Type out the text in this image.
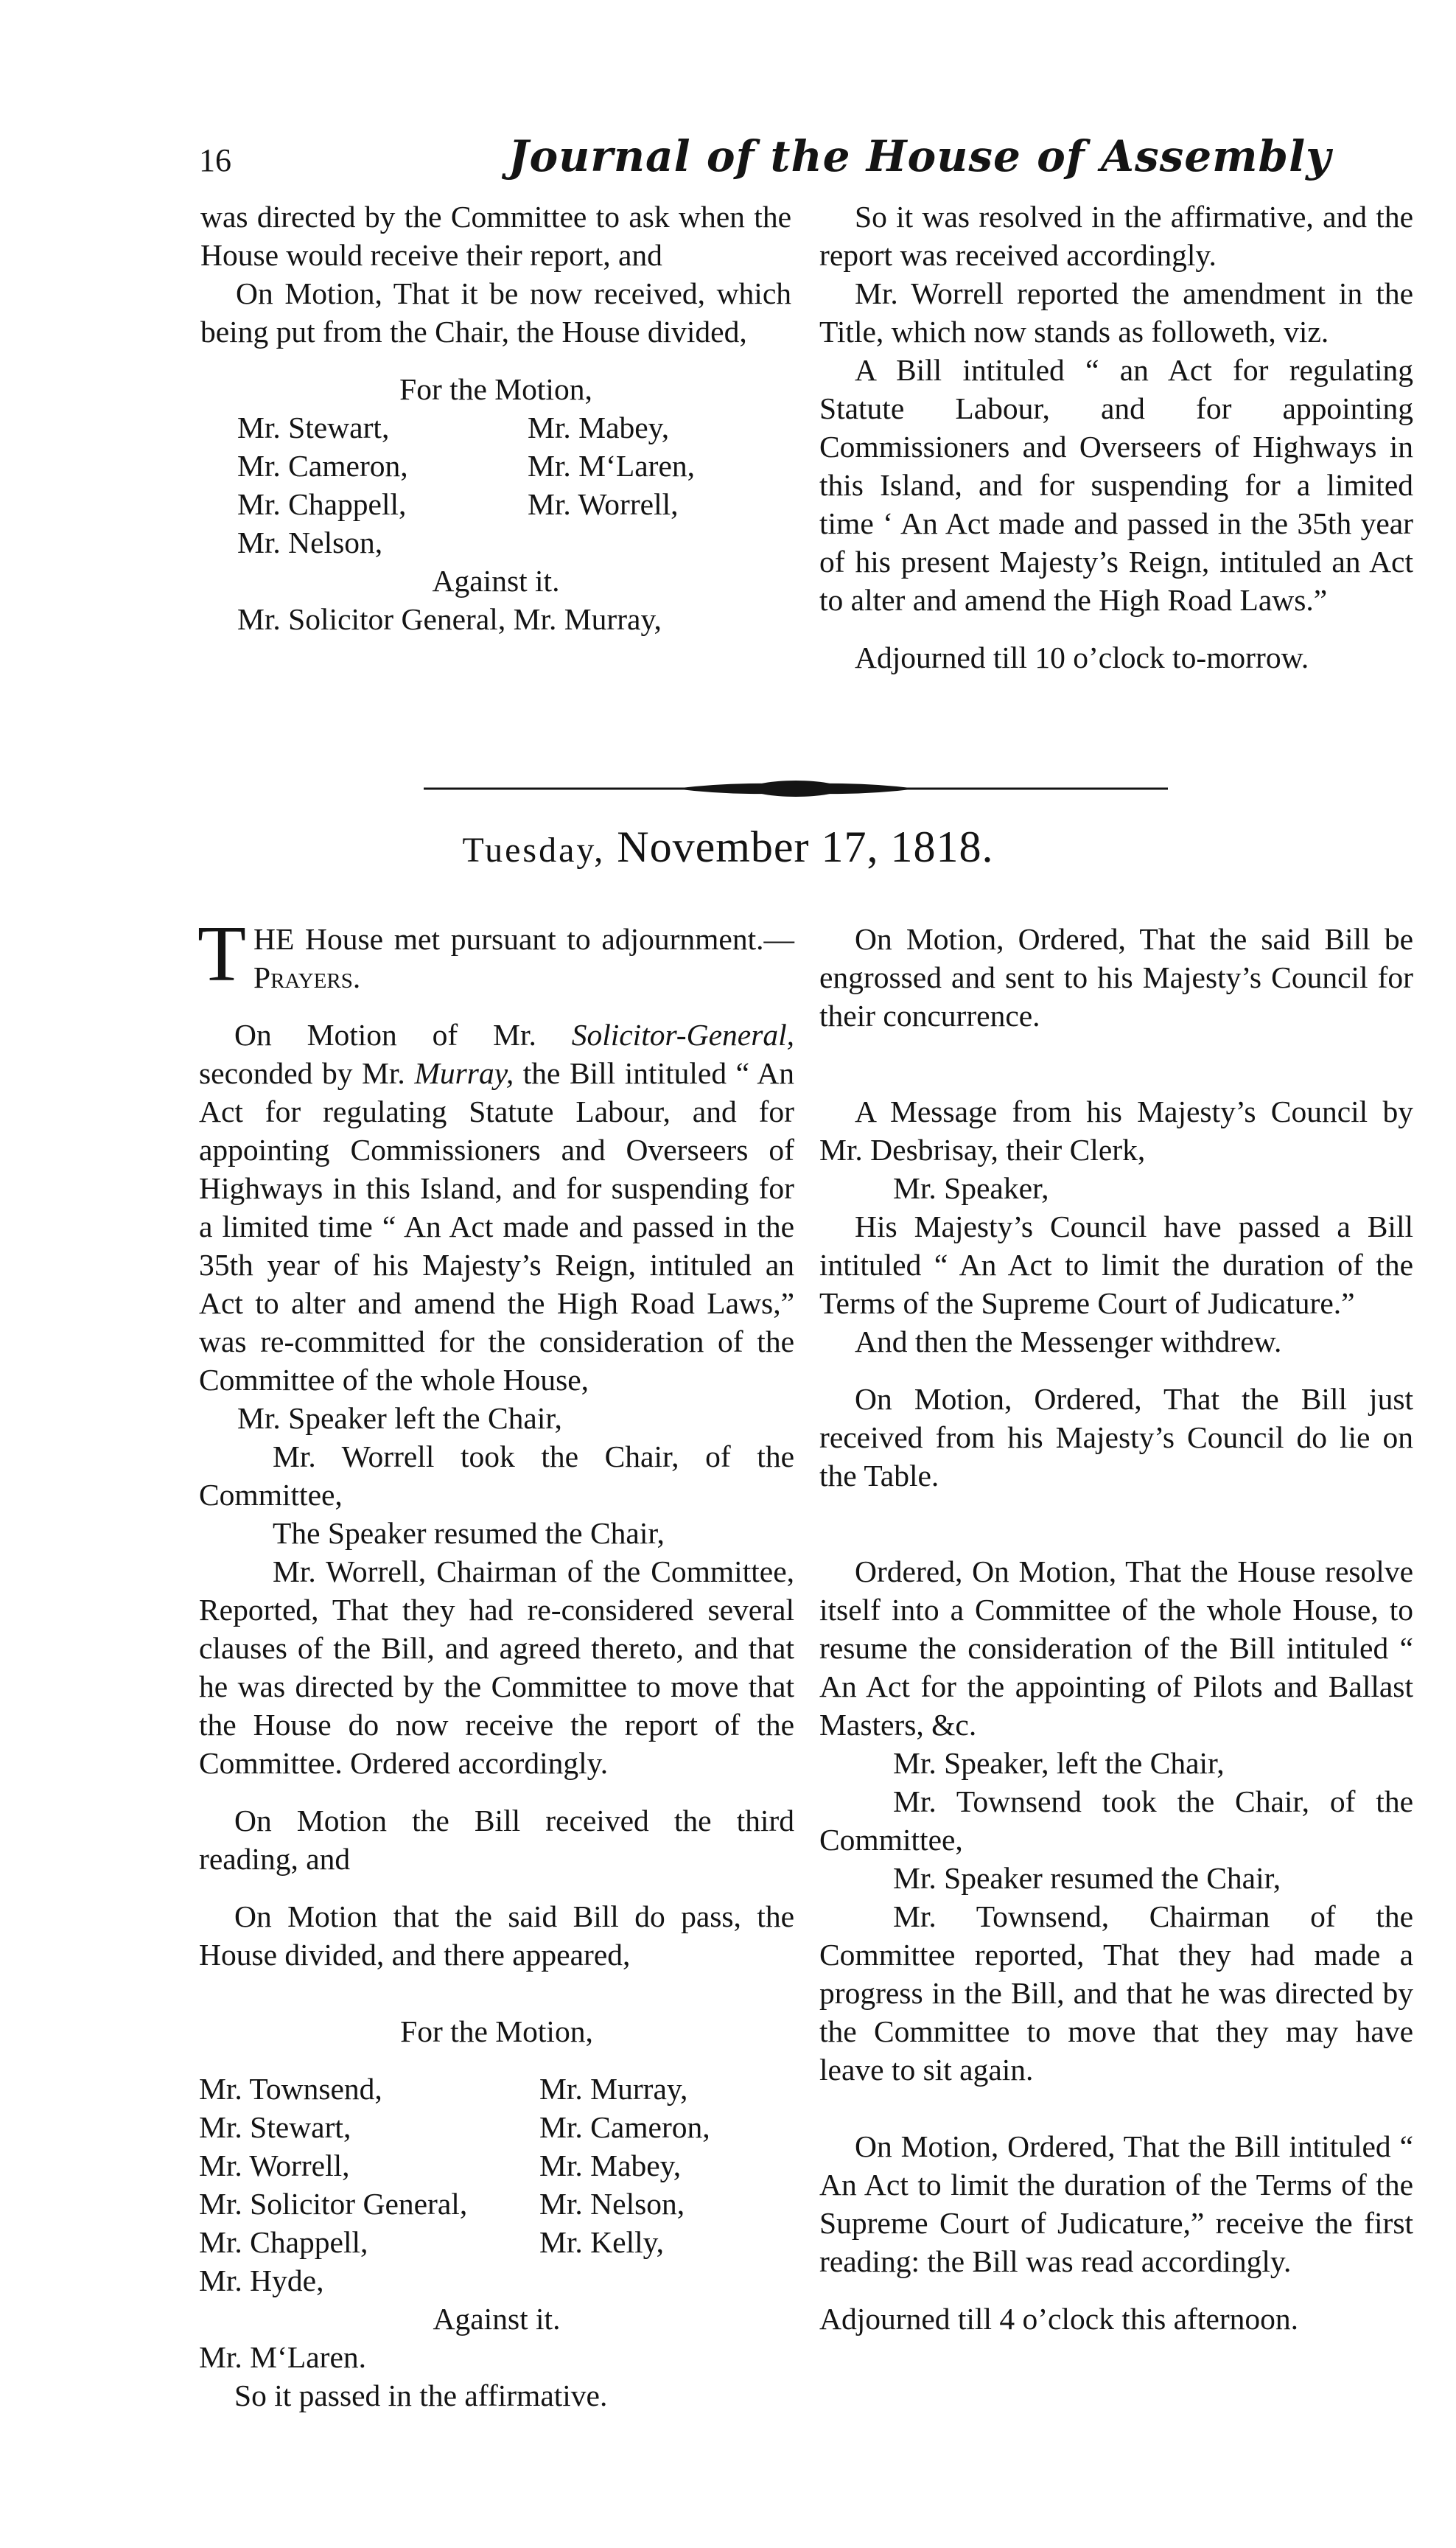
16	Journal of the House of Assembly

was directed by the Committee to ask when the House would receive their report, and

On Motion, That it be now received, which being put from the Chair, the House divided,

For the Motion,

Mr. Stewart,	Mr. Mabey,
Mr. Cameron,	Mr. M‘Laren,
Mr. Chappell,	Mr. Worrell,
Mr. Nelson,

Against it.

Mr. Solicitor General, Mr. Murray,

So it was resolved in the affirmative, and the report was received accordingly.

Mr. Worrell reported the amendment in the Title, which now stands as followeth, viz.

A Bill intituled “ an Act for regulating Statute Labour, and for appointing Commissioners and Overseers of Highways in this Island, and for suspending for a limited time ‘ An Act made and passed in the 35th year of his present Majesty’s Reign, intituled an Act to alter and amend the High Road Laws.”

Adjourned till 10 o’clock to-morrow.

Tuesday, November 17, 1818.

THE House met pursuant to adjournment.— Prayers.

On Motion of Mr. Solicitor-General, seconded by Mr. Murray, the Bill intituled “ An Act for regulating Statute Labour, and for appointing Commissioners and Overseers of Highways in this Island, and for suspending for a limited time “ An Act made and passed in the 35th year of his Majesty’s Reign, intituled an Act to alter and amend the High Road Laws,” was re-committed for the consideration of the Committee of the whole House,

Mr. Speaker left the Chair,

Mr. Worrell took the Chair, of the Committee,

The Speaker resumed the Chair,

Mr. Worrell, Chairman of the Committee, Reported, That they had re-considered several clauses of the Bill, and agreed thereto, and that he was directed by the Committee to move that the House do now receive the report of the Committee. Ordered accordingly.

On Motion the Bill received the third reading, and

On Motion that the said Bill do pass, the House divided, and there appeared,

For the Motion,

Mr. Townsend,	Mr. Murray,
Mr. Stewart,	Mr. Cameron,
Mr. Worrell,	Mr. Mabey,
Mr. Solicitor General,	Mr. Nelson,
Mr. Chappell,	Mr. Kelly,
Mr. Hyde,

Against it.

Mr. M‘Laren.

So it passed in the affirmative.

On Motion, Ordered, That the said Bill be engrossed and sent to his Majesty’s Council for their concurrence.

A Message from his Majesty’s Council by Mr. Desbrisay, their Clerk,

Mr. Speaker,

His Majesty’s Council have passed a Bill intituled “ An Act to limit the duration of the Terms of the Supreme Court of Judicature.”

And then the Messenger withdrew.

On Motion, Ordered, That the Bill just received from his Majesty’s Council do lie on the Table.

Ordered, On Motion, That the House resolve itself into a Committee of the whole House, to resume the consideration of the Bill intituled “ An Act for the appointing of Pilots and Ballast Masters, &c.

Mr. Speaker, left the Chair,

Mr. Townsend took the Chair, of the Committee,

Mr. Speaker resumed the Chair,

Mr. Townsend, Chairman of the Committee reported, That they had made a progress in the Bill, and that he was directed by the Committee to move that they may have leave to sit again.

On Motion, Ordered, That the Bill intituled “ An Act to limit the duration of the Terms of the Supreme Court of Judicature,” receive the first reading: the Bill was read accordingly.

Adjourned till 4 o’clock this afternoon.
